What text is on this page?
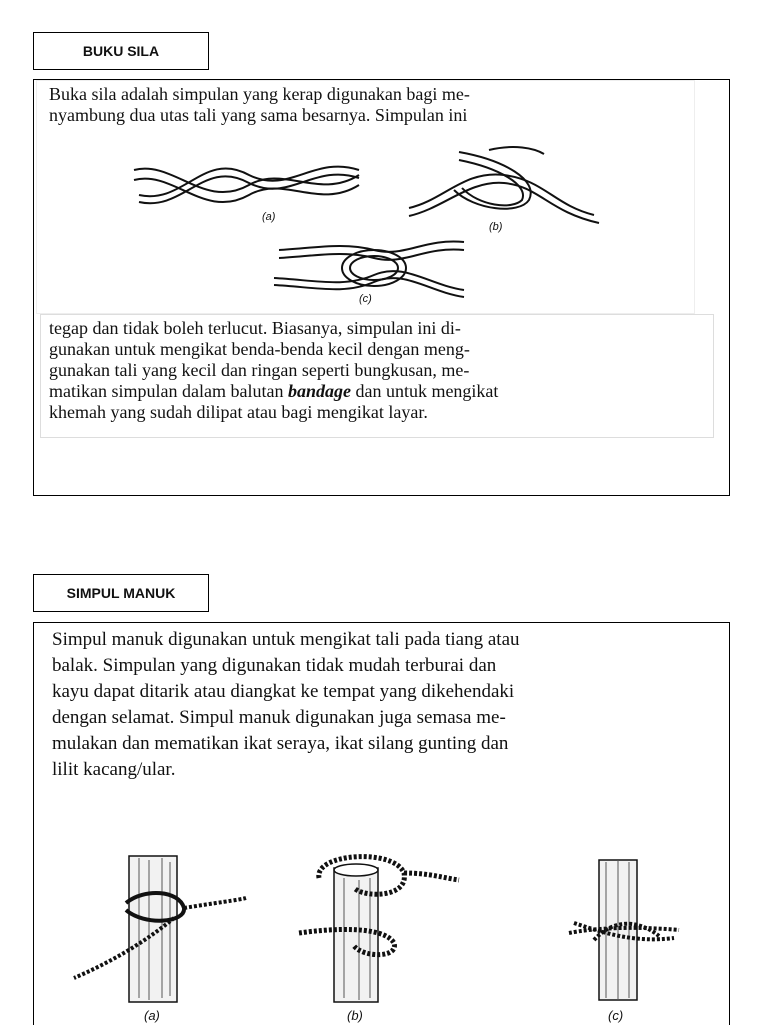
BUKU SILA

Buka sila adalah simpulan yang kerap digunakan bagi me-

nyambung dua utas tali yang sama besarnya. Simpulan ini

(a)
(b)
(c)

tegap dan tidak boleh terlucut. Biasanya, simpulan ini di-

gunakan untuk mengikat benda-benda kecil dengan meng-

gunakan tali yang kecil dan ringan seperti bungkusan, me-

matikan simpulan dalam balutan bandage dan untuk mengikat

khemah yang sudah dilipat atau bagi mengikat layar.

SIMPUL MANUK

Simpul manuk digunakan untuk mengikat tali pada tiang atau

balak. Simpulan yang digunakan tidak mudah terburai dan

kayu dapat ditarik atau diangkat ke tempat yang dikehendaki

dengan selamat. Simpul manuk digunakan juga semasa me-

mulakan dan mematikan ikat seraya, ikat silang gunting dan

lilit kacang/ular.

(a)	(b)	(c)
